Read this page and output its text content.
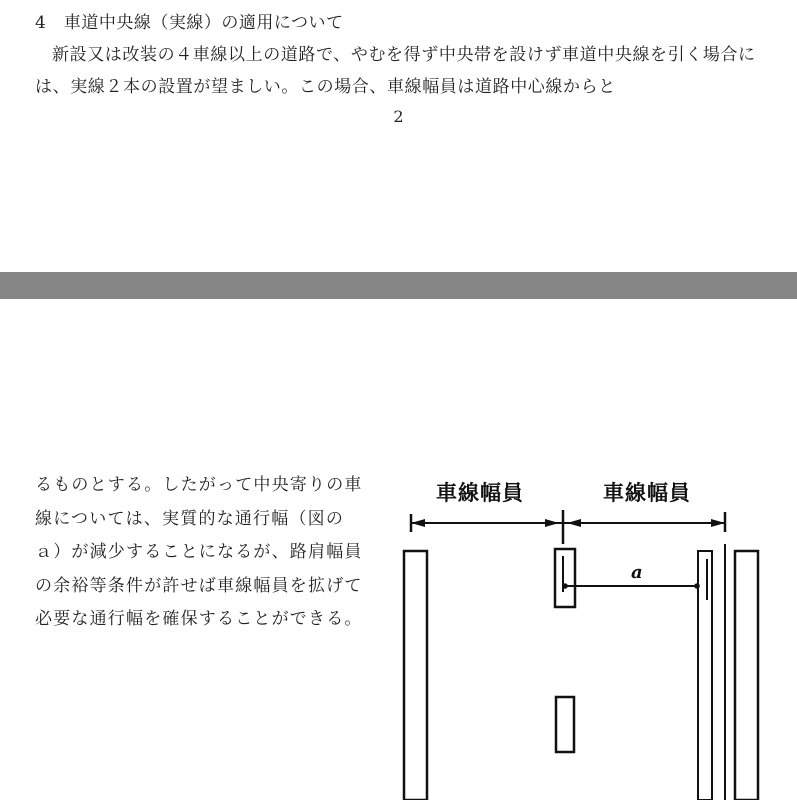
4　車道中央線（実線）の適用について

新設又は改装の４車線以上の道路で、やむを得ず中央帯を設けず車道中央線を引く場合には、実線２本の設置が望ましい。この場合、車線幅員は道路中心線からと

2

るものとする。したがって中央寄りの車線については、実質的な通行幅（図の ａ）が減少することになるが、路肩幅員の余裕等条件が許せば車線幅員を拡げて必要な通行幅を確保することができる。

車線幅員	車線幅員
a
